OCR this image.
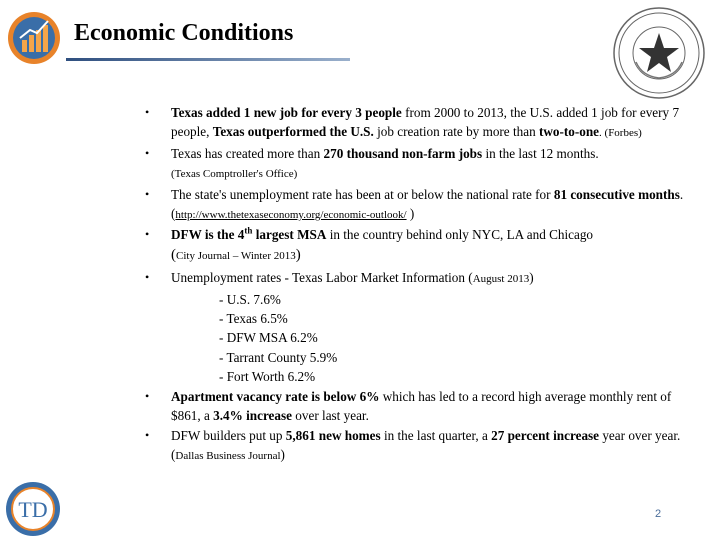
Economic Conditions
• Texas added 1 new job for every 3 people from 2000 to 2013, the U.S. added 1 job for every 7 people, Texas outperformed the U.S. job creation rate by more than two-to-one. (Forbes)
• Texas has created more than 270 thousand non-farm jobs in the last 12 months.
(Texas Comptroller's Office)
• The state's unemployment rate has been at or below the national rate for 81 consecutive months. (http://www.thetexaseconomy.org/economic-outlook/ )
• DFW is the 4th largest MSA in the country behind only NYC, LA and Chicago
(City Journal – Winter 2013)
• Unemployment rates - Texas Labor Market Information (August 2013)
- U.S. 7.6%
- Texas 6.5%
- DFW MSA 6.2%
- Tarrant County 5.9%
- Fort Worth 6.2%
• Apartment vacancy rate is below 6% which has led to a record high average monthly rent of $861, a 3.4% increase over last year.
• DFW builders put up 5,861 new homes in the last quarter, a 27 percent increase year over year. (Dallas Business Journal)
TD	2
